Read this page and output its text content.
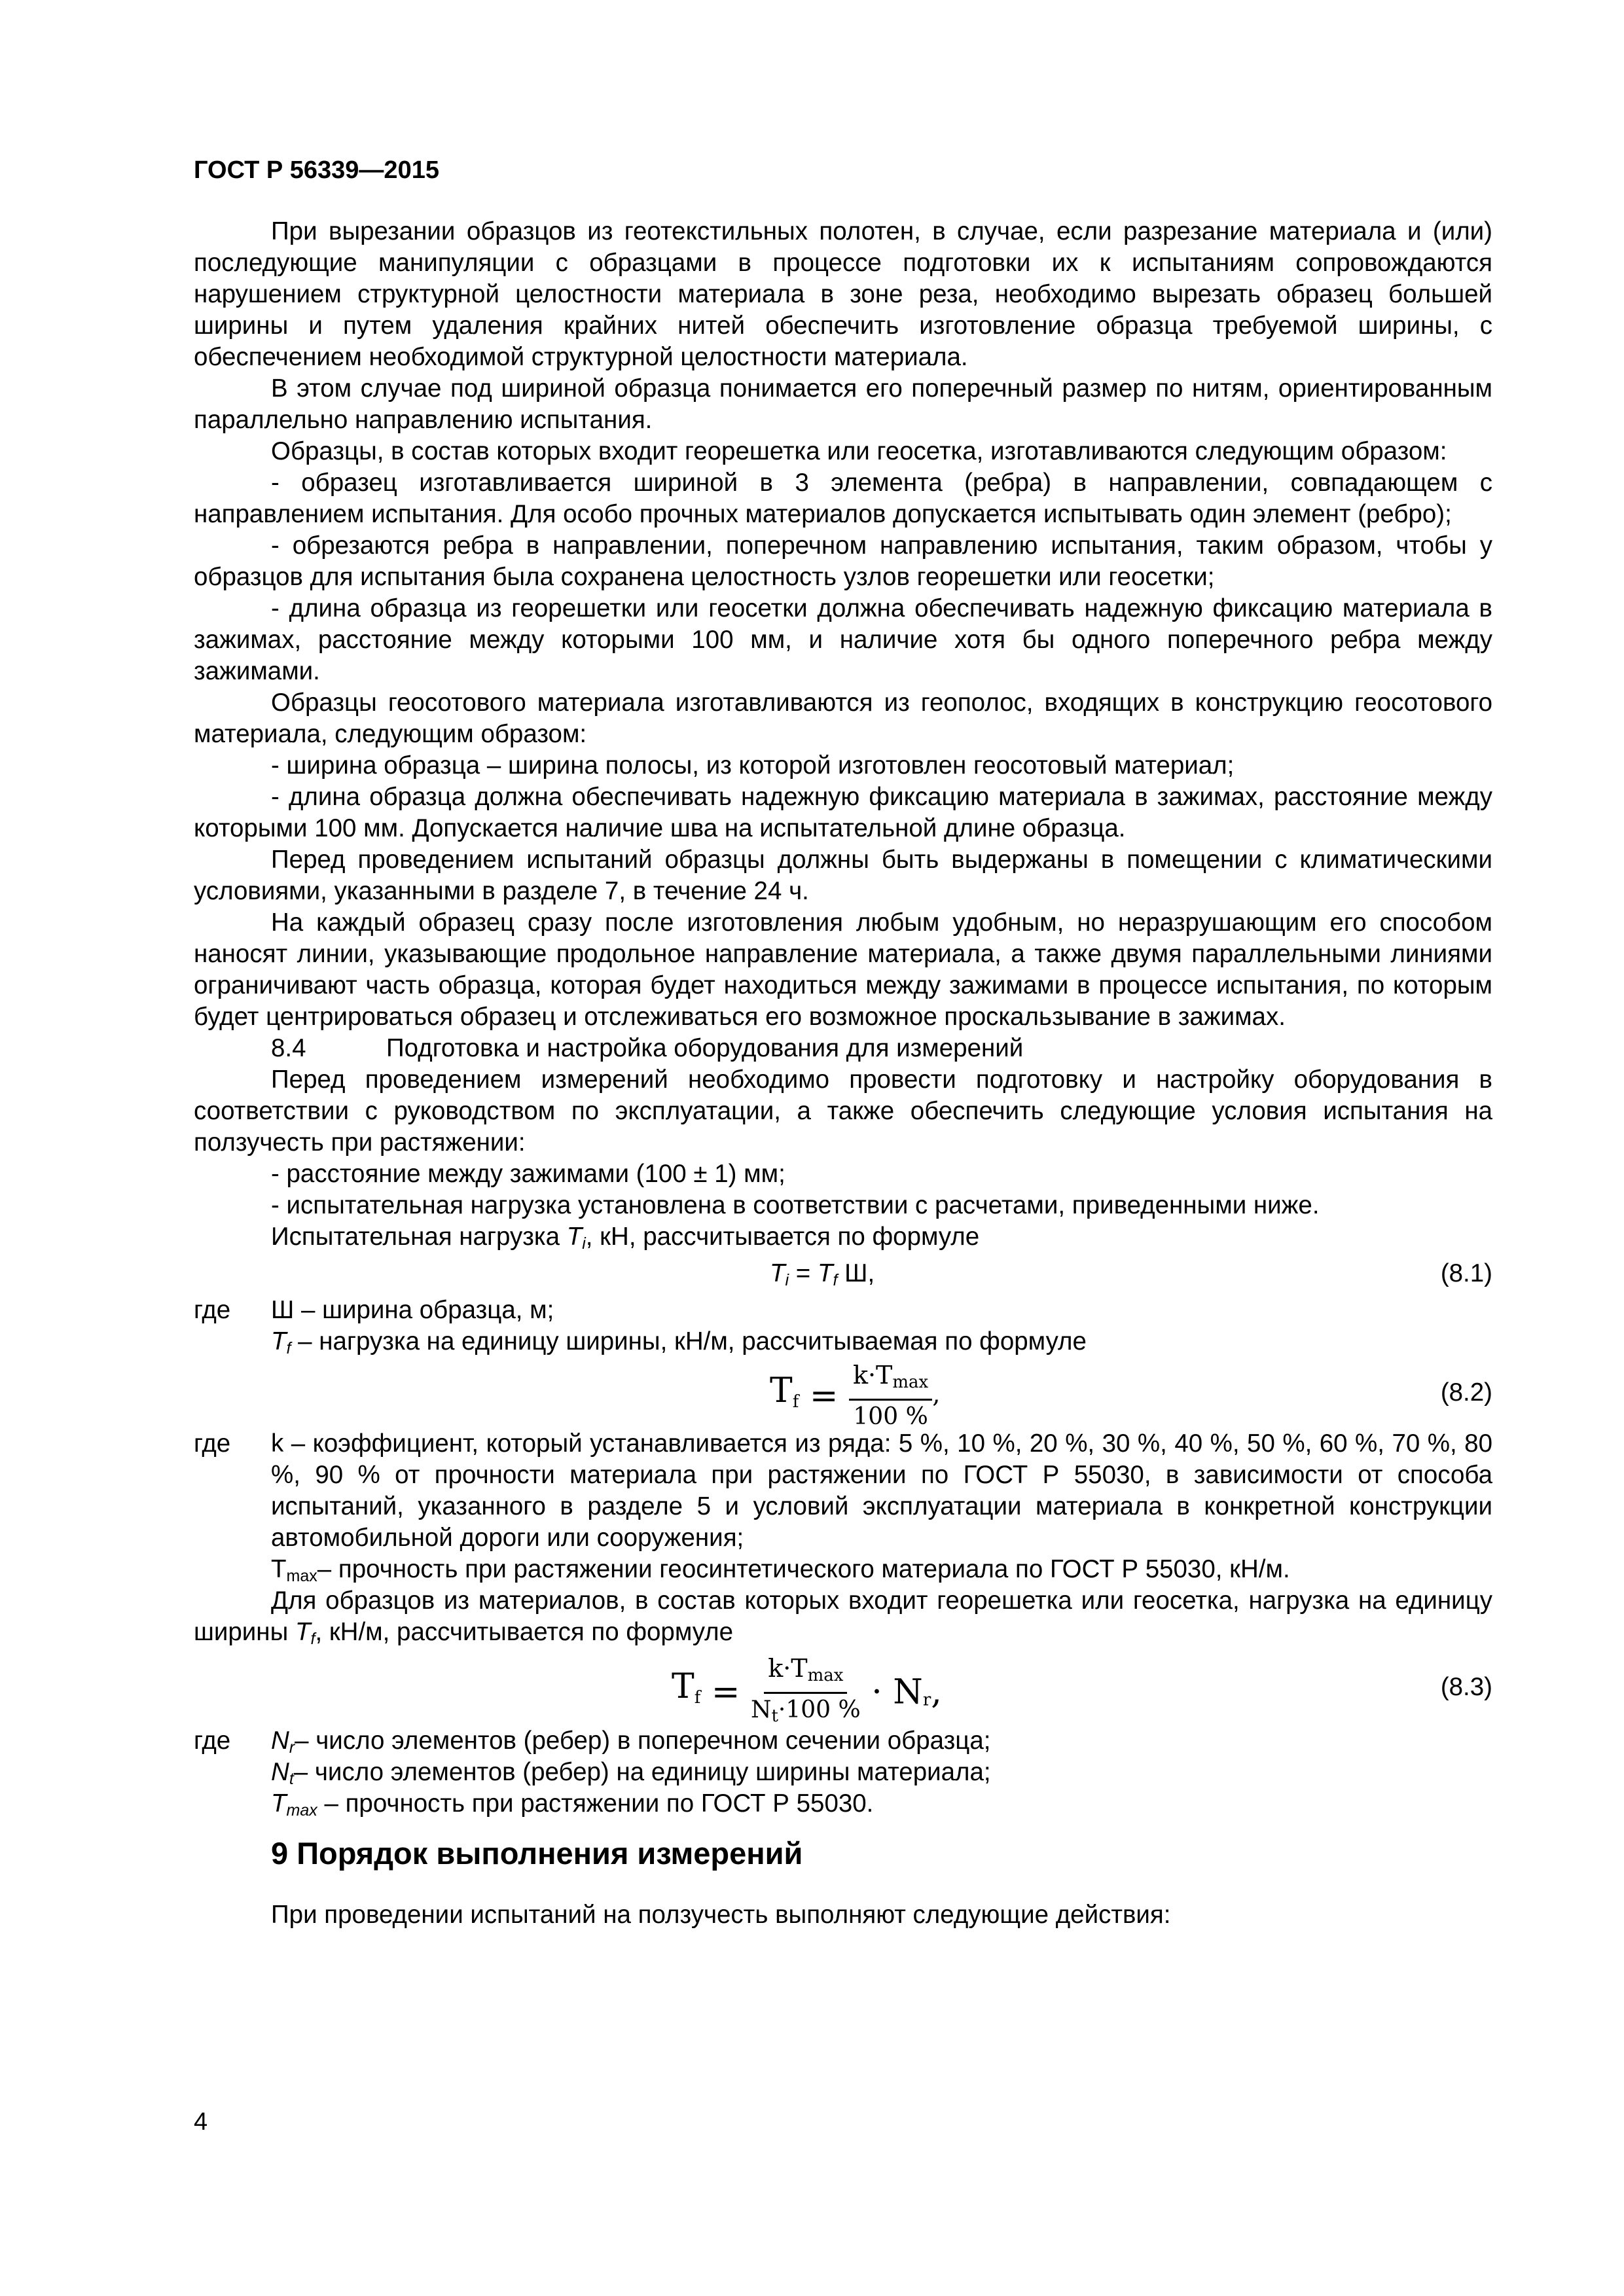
ГОСТ Р 56339—2015

При вырезании образцов из геотекстильных полотен, в случае, если разрезание материала и (или) последующие манипуляции с образцами в процессе подготовки их к испытаниям сопровождаются нарушением структурной целостности материала в зоне реза, необходимо вырезать образец большей ширины и путем удаления крайних нитей обеспечить изготовление образца требуемой ширины, с обеспечением необходимой структурной целостности материала.

В этом случае под шириной образца понимается его поперечный размер по нитям, ориентированным параллельно направлению испытания.

Образцы, в состав которых входит георешетка или геосетка, изготавливаются следующим образом:

- образец изготавливается шириной в 3 элемента (ребра) в направлении, совпадающем с направлением испытания. Для особо прочных материалов допускается испытывать один элемент (ребро);

- обрезаются ребра в направлении, поперечном направлению испытания, таким образом, чтобы у образцов для испытания была сохранена целостность узлов георешетки или геосетки;

- длина образца из георешетки или геосетки должна обеспечивать надежную фиксацию материала в зажимах, расстояние между которыми 100 мм, и наличие хотя бы одного поперечного ребра между зажимами.

Образцы геосотового материала изготавливаются из геополос, входящих в конструкцию геосотового материала, следующим образом:

- ширина образца – ширина полосы, из которой изготовлен геосотовый материал;

- длина образца должна обеспечивать надежную фиксацию материала в зажимах, расстояние между которыми 100 мм. Допускается наличие шва на испытательной длине образца.

Перед проведением испытаний образцы должны быть выдержаны в помещении с климатическими условиями, указанными в разделе 7, в течение 24 ч.

На каждый образец сразу после изготовления любым удобным, но неразрушающим его способом наносят линии, указывающие продольное направление материала, а также двумя параллельными линиями ограничивают часть образца, которая будет находиться между зажимами в процессе испытания, по которым будет центрироваться образец и отслеживаться его возможное проскальзывание в зажимах.

8.4	Подготовка и настройка оборудования для измерений

Перед проведением измерений необходимо провести подготовку и настройку оборудования в соответствии с руководством по эксплуатации, а также обеспечить следующие условия испытания на ползучесть при растяжении:

- расстояние между зажимами (100 ± 1) мм;

- испытательная нагрузка установлена в соответствии с расчетами, приведенными ниже.

Испытательная нагрузка $T_i$, кН, рассчитывается по формуле

$T_i = T_f$ Ш,	(8.1)
где	Ш – ширина образца, м;
$T_f$ – нагрузка на единицу ширины, кН/м, рассчитываемая по формуле
$Tf = \frac{k\cdot Tmax}{100 \%}$ ,	(8.2)
где	k – коэффициент, который устанавливается из ряда: 5 %, 10 %, 20 %, 30 %, 40 %, 50 %, 60 %, 70 %, 80 %, 90 % от прочности материала при растяжении по ГОСТ Р 55030, в зависимости от способа испытаний, указанного в разделе 5 и условий эксплуатации материала в конкретной конструкции автомобильной дороги или сооружения;

$T_{max}-$ прочность при растяжении геосинтетического материала по ГОСТ Р 55030, кН/м.

Для образцов из материалов, в состав которых входит георешетка или геосетка, нагрузка на единицу ширины $T_f$, кН/м, рассчитывается по формуле

$Tf = \frac{k\cdot Tmax}{Nt\cdot 100 \%} \cdot N_r$,	(8.3)
где	$N_r-$ число элементов (ребер) в поперечном сечении образца;
$N_t-$ число элементов (ребер) на единицу ширины материала;
$T_{max}$ – прочность при растяжении по ГОСТ Р 55030.
9 Порядок выполнения измерений

При проведении испытаний на ползучесть выполняют следующие действия:

4
